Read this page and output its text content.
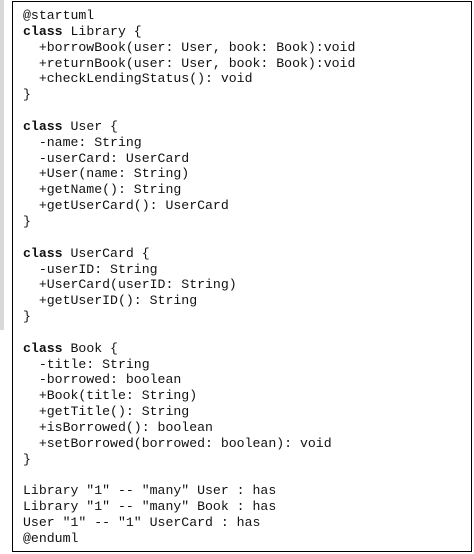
@startuml
class Library {
+borrowBook(user: User, book: Book):void
+returnBook(user: User, book: Book):void
+checkLendingStatus(): void
}
class User {
-name: String
-userCard: UserCard
+User(name: String)
+getName(): String
+getUserCard(): UserCard
}
class UserCard {
-userID: String
+UserCard(userID: String)
+getUserID(): String
}
class Book {
-title: String
-borrowed: boolean
+Book(title: String)
+getTitle(): String
+isBorrowed(): boolean
+setBorrowed(borrowed: boolean): void
}
Library "1" -- "many" User : has
Library "1" -- "many" Book : has
User "1" -- "1" UserCard : has
@enduml
